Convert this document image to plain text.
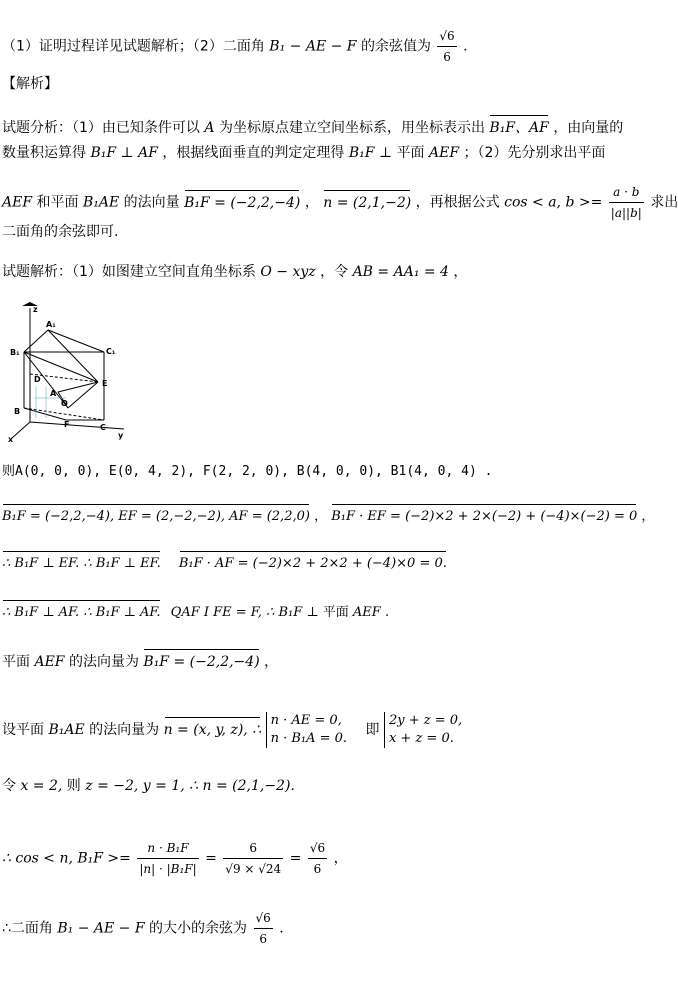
（1）证明过程详见试题解析；（2）二面角 B₁ − AE − F 的余弦值为 $\frac{√6}{6}$ .
【解析】
试题分析：（1）由已知条件可以 A 为坐标原点建立空间坐标系，用坐标表示出 B₁F、AF ，由向量的
数量积运算得 B₁F ⊥ AF ，根据线面垂直的判定定理得 B₁F ⊥ 平面 AEF ；（2）先分别求出平面
AEF 和平面 B₁AE 的法向量 B₁F = (−2,2,−4) ， n = (2,1,−2) ，再根据公式 cos < a, $b >= \frac{a \cdot b}{|a||b|}$ 求出
二面角的余弦即可.
试题解析：（1）如图建立空间直角坐标系 O − xyz ，令 AB = AA₁ = 4 ，
z
A₁
B₁	C₁
D	E
A
O
B
F	C
x	y
则A(0, 0, 0), E(0, 4, 2), F(2, 2, 0), B(4, 0, 0), B1(4, 0, 4) .
B₁F = (−2,2,−4), EF = (2,−2,−2), AF = (2,2,0) ， B₁F · EF = (−2)×2 + 2×(−2) + (−4)×(−2) = 0 ，
∴ B₁F ⊥ EF. ∴ B₁F ⊥ EF. B₁F · AF = (−2)×2 + 2×2 + (−4)×0 = 0.
∴ B₁F ⊥ AF. ∴ B₁F ⊥ AF. QAF I FE = F, ∴ B₁F ⊥ 平面 AEF .
平面 AEF 的法向量为 B₁F = (−2,2,−4) ，
设平面 B₁AE 的法向量为 n = (x, y, z), ∴
n · AE = 0,
n · B₁A = 0.
即
2y + z = 0,
x + z = 0.
令 x = 2, 则 z = −2, y = 1, ∴ n = (2,1,−2).
∴ cos < n, $B_1F >= \frac{\text{n · B₁F}}{\text{|n| · |B₁F|}} = \frac{6}{√9 \times √24} = \frac{√6}{6}$ ，
∴二面角 B₁ − AE − F 的大小的余弦为 $\frac{√6}{6}$ .
